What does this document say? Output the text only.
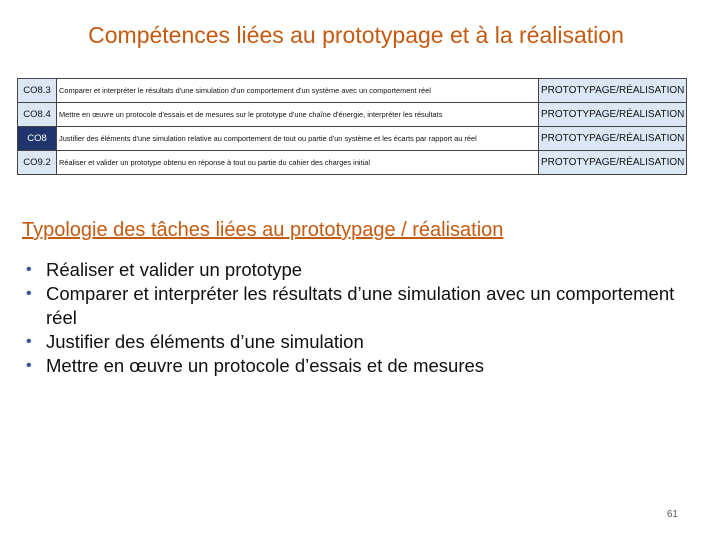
Compétences liées au prototypage et à la réalisation
CO8.3	Comparer et interpréter le résultats d'une simulation d'un comportement d'un système avec un comportement réel	PROTOTYPAGE/RÉALISATION
CO8.4	Mettre en œuvre un protocole d'essais et de mesures sur le prototype d'une chaîne d'énergie, interpréter les résultats	PROTOTYPAGE/RÉALISATION
CO8	Justifier des éléments d'une simulation relative au comportement de tout ou partie d'un système et les écarts par rapport au réel	PROTOTYPAGE/RÉALISATION
CO9.2	Réaliser et valider un prototype obtenu en réponse à tout ou partie du cahier des charges initial	PROTOTYPAGE/RÉALISATION
Typologie des tâches liées au prototypage / réalisation
• Réaliser et valider un prototype
• Comparer et interpréter les résultats d’une simulation avec un comportement réel
• Justifier des éléments d’une simulation
• Mettre en œuvre un protocole d’essais et de mesures
61
